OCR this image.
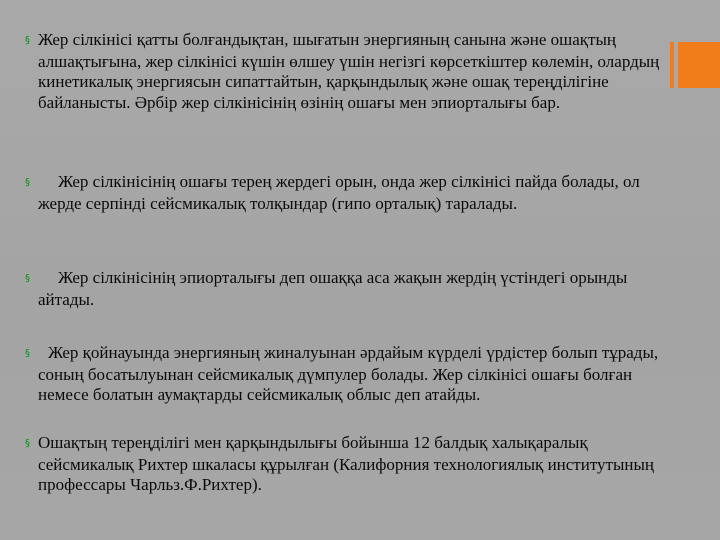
§ Жер сілкінісі қатты болғандықтан, шығатын энергияның санына және ошақтың алшақтығына, жер сілкінісі күшін өлшеу үшін негізгі көрсеткіштер көлемін, олардың кинетикалық энергиясын сипаттайтын, қарқындылық және ошақ тереңділігіне байланысты. Әрбір жер сілкінісінің өзінің ошағы мен эпиорталығы бар.

§ Жер сілкінісінің ошағы терең жердегі орын, онда жер сілкінісі пайда болады, ол жерде серпінді сейсмикалық толқындар (гипо орталық) таралады.

§ Жер сілкінісінің эпиорталығы деп ошаққа аса жақын жердің үстіндегі орынды айтады.

§ Жер қойнауында энергияның жиналуынан әрдайым күрделі үрдістер болып тұрады, соның босатылуынан сейсмикалық дүмпулер болады. Жер сілкінісі ошағы болған немесе болатын аумақтарды сейсмикалық облыс деп атайды.

§ Ошақтың тереңділігі мен қарқындылығы бойынша 12 балдық халықаралық сейсмикалық Рихтер шкаласы құрылған (Калифорния технологиялық институтының профессары Чарльз.Ф.Рихтер).
